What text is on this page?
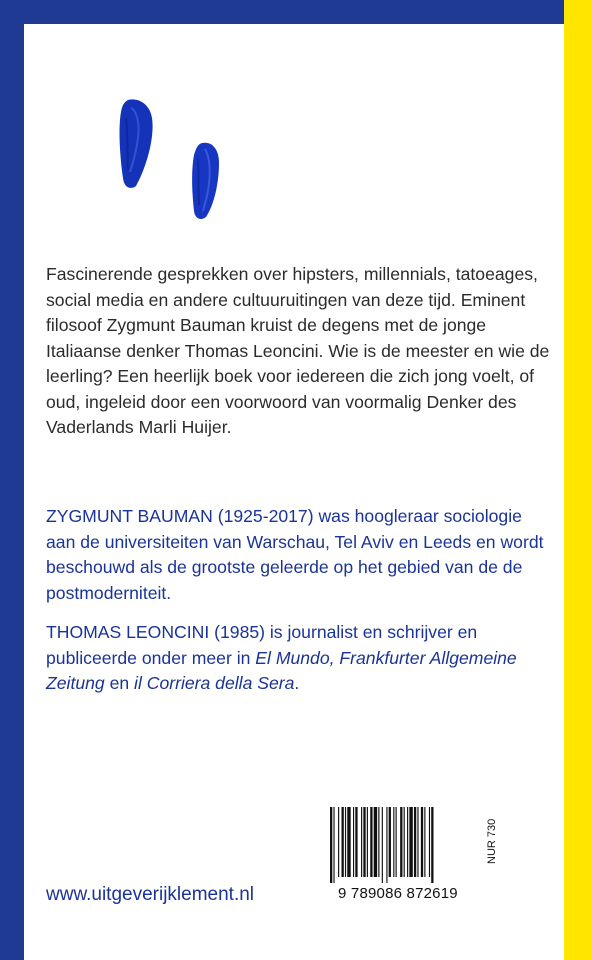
Fascinerende gesprekken over hipsters, millennials, tatoeages, social media en andere cultuuruitingen van deze tijd. Eminent filosoof Zygmunt Bauman kruist de degens met de jonge Italiaanse denker Thomas Leoncini. Wie is de meester en wie de leerling? Een heerlijk boek voor iedereen die zich jong voelt, of oud, ingeleid door een voorwoord van voormalig Denker des Vaderlands Marli Huijer.

ZYGMUNT BAUMAN (1925-2017) was hoogleraar sociologie aan de universiteiten van Warschau, Tel Aviv en Leeds en wordt beschouwd als de grootste geleerde op het gebied van de de postmoderniteit.

THOMAS LEONCINI (1985) is journalist en schrijver en publiceerde onder meer in El Mundo, Frankfurter Allgemeine Zeitung en il Corriera della Sera.

www.uitgeverijklement.nl	9 789086 872619
NUR 730
